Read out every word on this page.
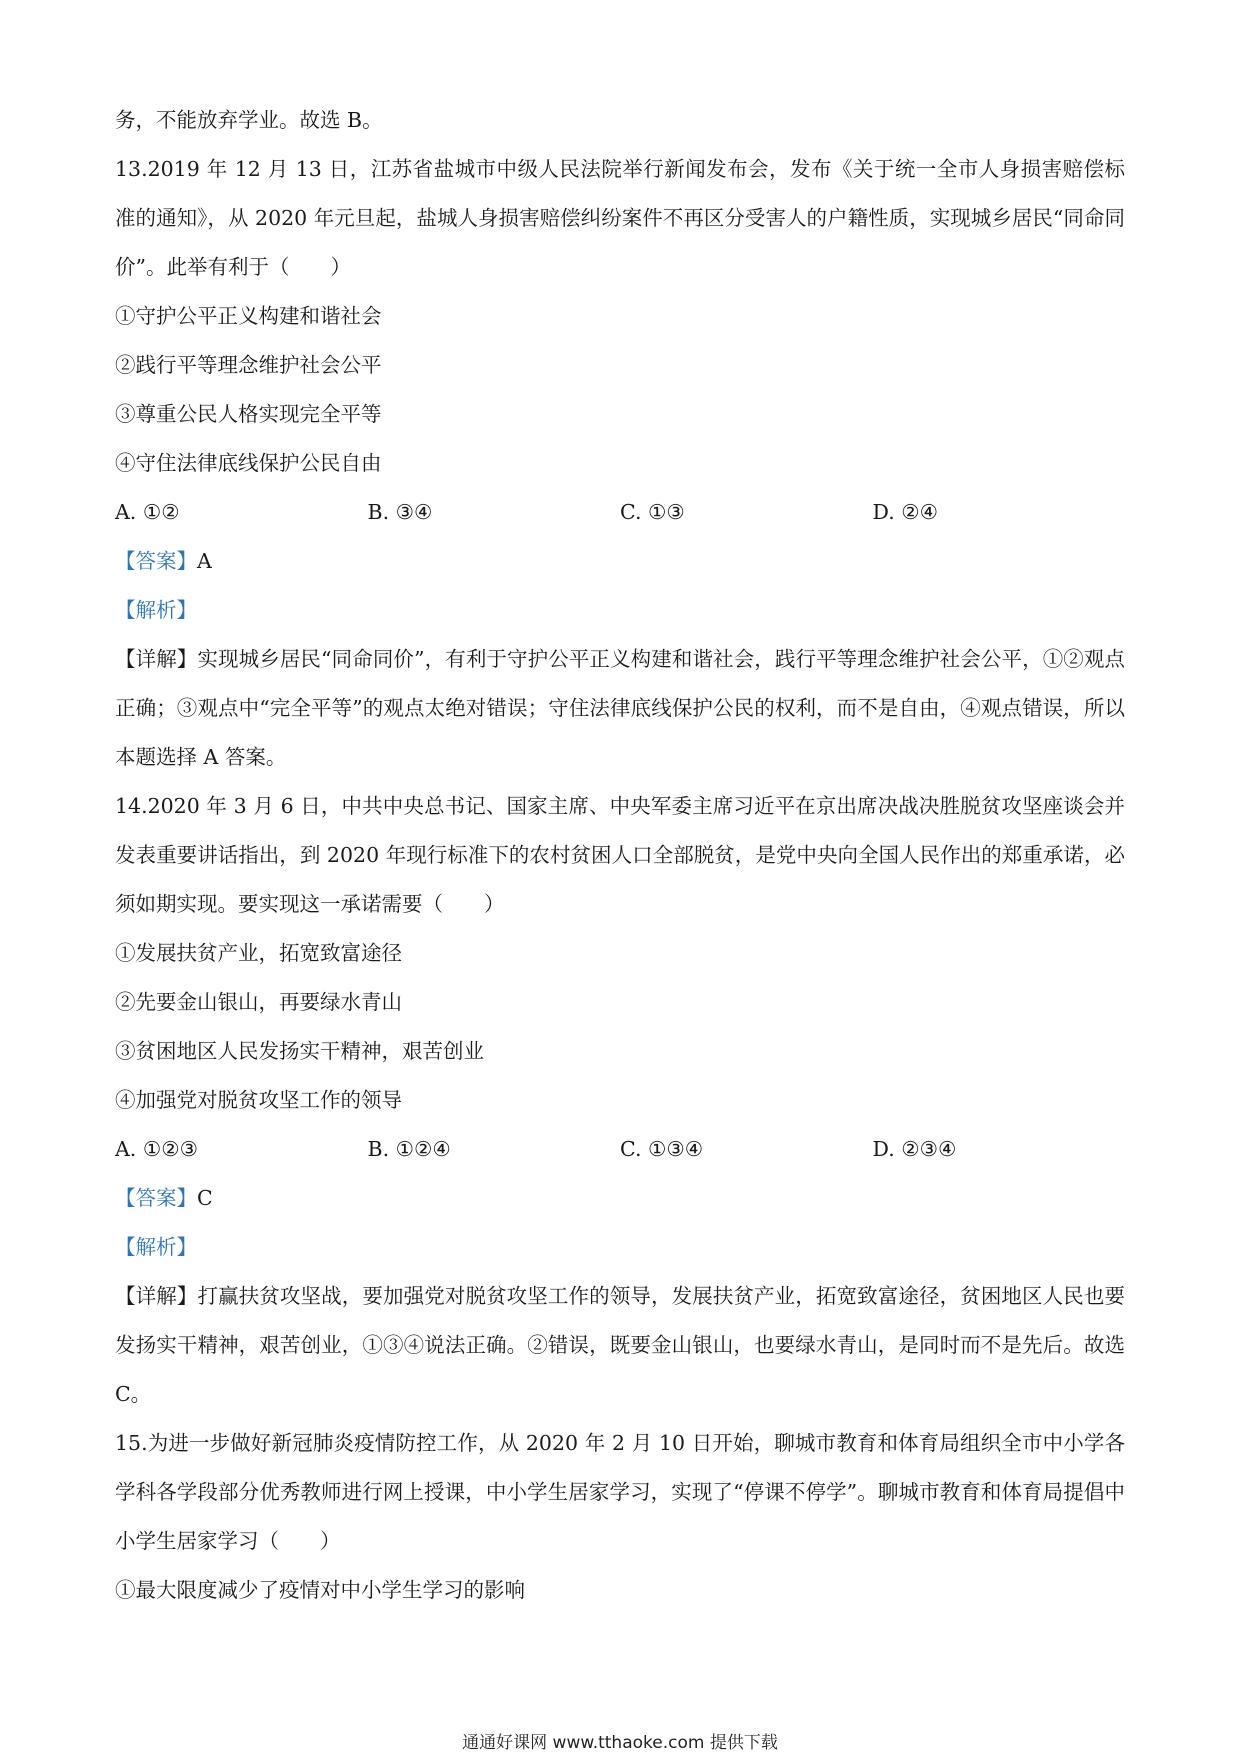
务，不能放弃学业。故选 B。

13.2019 年 12 月 13 日，江苏省盐城市中级人民法院举行新闻发布会，发布《关于统一全市人身损害赔偿标准的通知》，从 2020 年元旦起，盐城人身损害赔偿纠纷案件不再区分受害人的户籍性质，实现城乡居民“同命同价”。此举有利于（　　）

①守护公平正义构建和谐社会

②践行平等理念维护社会公平

③尊重公民人格实现完全平等

④守住法律底线保护公民自由

A. ①②	B. ③④	C. ①③	D. ②④

【答案】A

【解析】

【详解】实现城乡居民“同命同价”，有利于守护公平正义构建和谐社会，践行平等理念维护社会公平，①②观点正确；③观点中“完全平等”的观点太绝对错误；守住法律底线保护公民的权利，而不是自由，④观点错误，所以本题选择 A 答案。

14.2020 年 3 月 6 日，中共中央总书记、国家主席、中央军委主席习近平在京出席决战决胜脱贫攻坚座谈会并发表重要讲话指出，到 2020 年现行标准下的农村贫困人口全部脱贫，是党中央向全国人民作出的郑重承诺，必须如期实现。要实现这一承诺需要（　　）

①发展扶贫产业，拓宽致富途径

②先要金山银山，再要绿水青山

③贫困地区人民发扬实干精神，艰苦创业

④加强党对脱贫攻坚工作的领导

A. ①②③	B. ①②④	C. ①③④	D. ②③④

【答案】C

【解析】

【详解】打赢扶贫攻坚战，要加强党对脱贫攻坚工作的领导，发展扶贫产业，拓宽致富途径，贫困地区人民也要发扬实干精神，艰苦创业，①③④说法正确。②错误，既要金山银山，也要绿水青山，是同时而不是先后。故选 C。

15.为进一步做好新冠肺炎疫情防控工作，从 2020 年 2 月 10 日开始，聊城市教育和体育局组织全市中小学各学科各学段部分优秀教师进行网上授课，中小学生居家学习，实现了“停课不停学”。聊城市教育和体育局提倡中小学生居家学习（　　）

①最大限度减少了疫情对中小学生学习的影响

通通好课网 www.tthaoke.com 提供下载
